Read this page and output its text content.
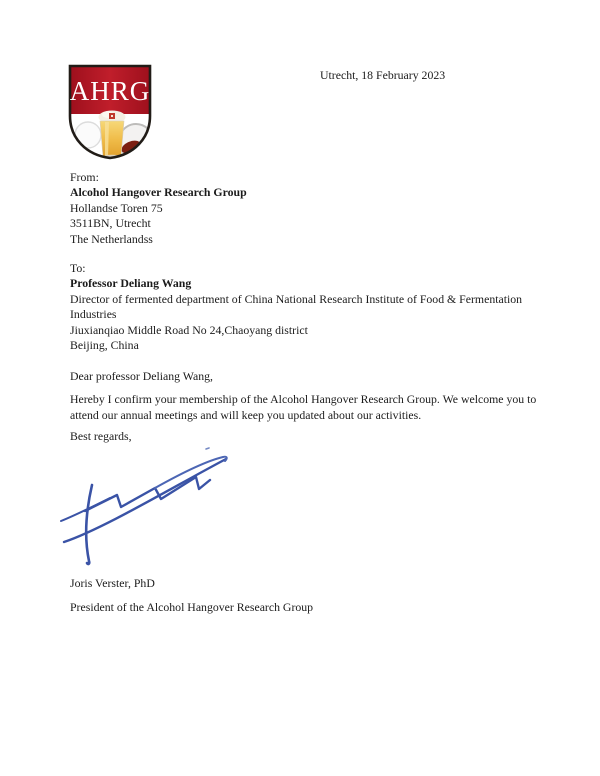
Utrecht, 18 February 2023
AHRG
From:
Alcohol Hangover Research Group
Hollandse Toren 75
3511BN, Utrecht
The Netherlandss
To:
Professor Deliang Wang
Director of fermented department of China National Research Institute of Food & Fermentation
Industries
Jiuxianqiao Middle Road No 24,Chaoyang district
Beijing, China
Dear professor Deliang Wang,
Hereby I confirm your membership of the Alcohol Hangover Research Group. We welcome you to attend our annual meetings and will keep you updated about our activities.
Best regards,
Joris Verster, PhD
President of the Alcohol Hangover Research Group
